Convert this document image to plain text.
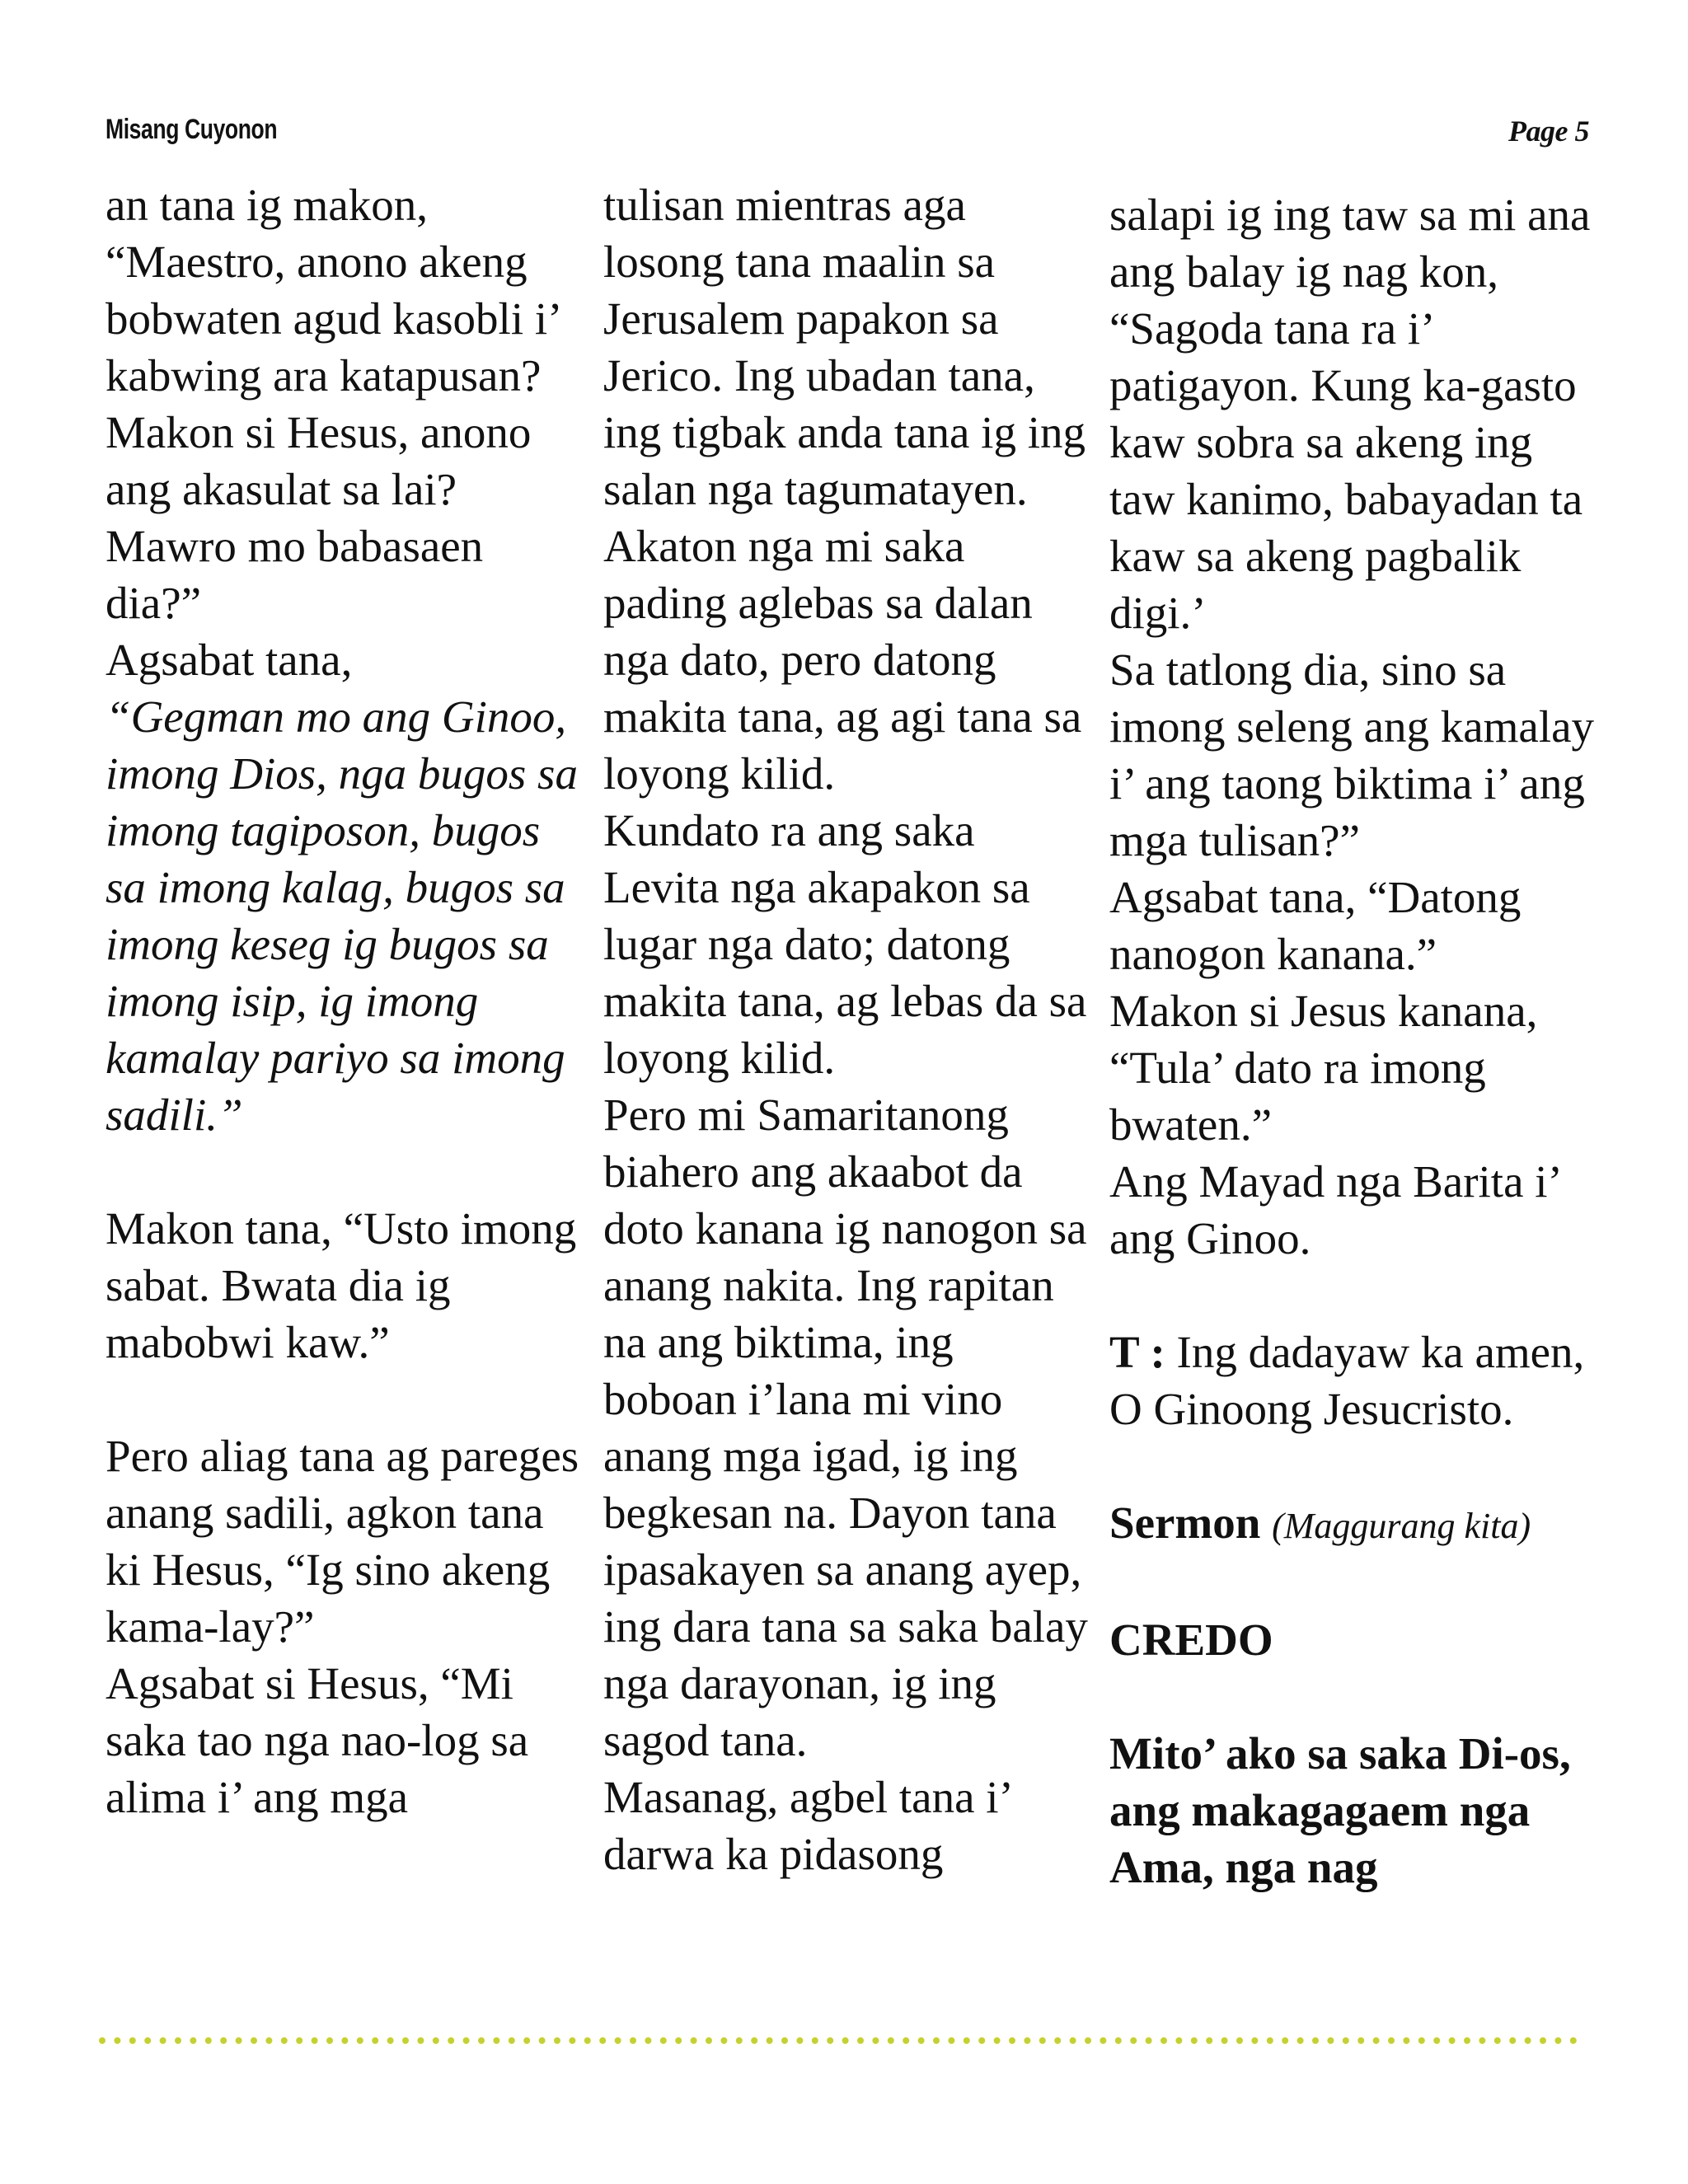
Misang Cuyonon	Page 5

an tana ig makon, “Maestro, anono akeng bobwaten agud kasobli i’ kabwing ara katapusan? Makon si Hesus, anono ang akasulat sa lai? Mawro mo babasaen dia?”

Agsabat tana,

“Gegman mo ang Ginoo, imong Dios, nga bugos sa imong tagiposon, bugos sa imong kalag, bugos sa imong keseg ig bugos sa imong isip, ig imong kamalay pariyo sa imong sadili.”

Makon tana, “Usto imong sabat. Bwata dia ig mabobwi kaw.”

Pero aliag tana ag pareges anang sadili, agkon tana ki Hesus, “Ig sino akeng kama-lay?”

Agsabat si Hesus, “Mi saka tao nga nao-log sa alima i’ ang mga

tulisan mientras aga losong tana maalin sa Jerusalem papakon sa Jerico. Ing ubadan tana, ing tigbak anda tana ig ing salan nga tagumatayen.

Akaton nga mi saka pading aglebas sa dalan nga dato, pero datong makita tana, ag agi tana sa loyong kilid.

Kundato ra ang saka Levita nga akapakon sa lugar nga dato; datong makita tana, ag lebas da sa loyong kilid.

Pero mi Samaritanong biahero ang akaabot da doto kanana ig nanogon sa anang nakita. Ing rapitan na ang biktima, ing boboan i’lana mi vino anang mga igad, ig ing begkesan na. Dayon tana ipasakayen sa anang ayep, ing dara tana sa saka balay nga darayonan, ig ing sagod tana.

Masanag, agbel tana i’ darwa ka pidasong

salapi ig ing taw sa mi ana ang balay ig nag kon, “Sagoda tana ra i’ patigayon. Kung ka-gasto kaw sobra sa akeng ing taw kanimo, babayadan ta kaw sa akeng pagbalik digi.’

Sa tatlong dia, sino sa imong seleng ang kamalay i’ ang taong biktima i’ ang mga tulisan?”

Agsabat tana, “Datong nanogon kanana.”

Makon si Jesus kanana, “Tula’ dato ra imong bwaten.”

Ang Mayad nga Barita i’ ang Ginoo.

T : Ing dadayaw ka amen, O Ginoong Jesucristo.

Sermon (Maggurang kita)

CREDO

Mito’ ako sa saka Di-os, ang makagagaem nga Ama, nga nag
